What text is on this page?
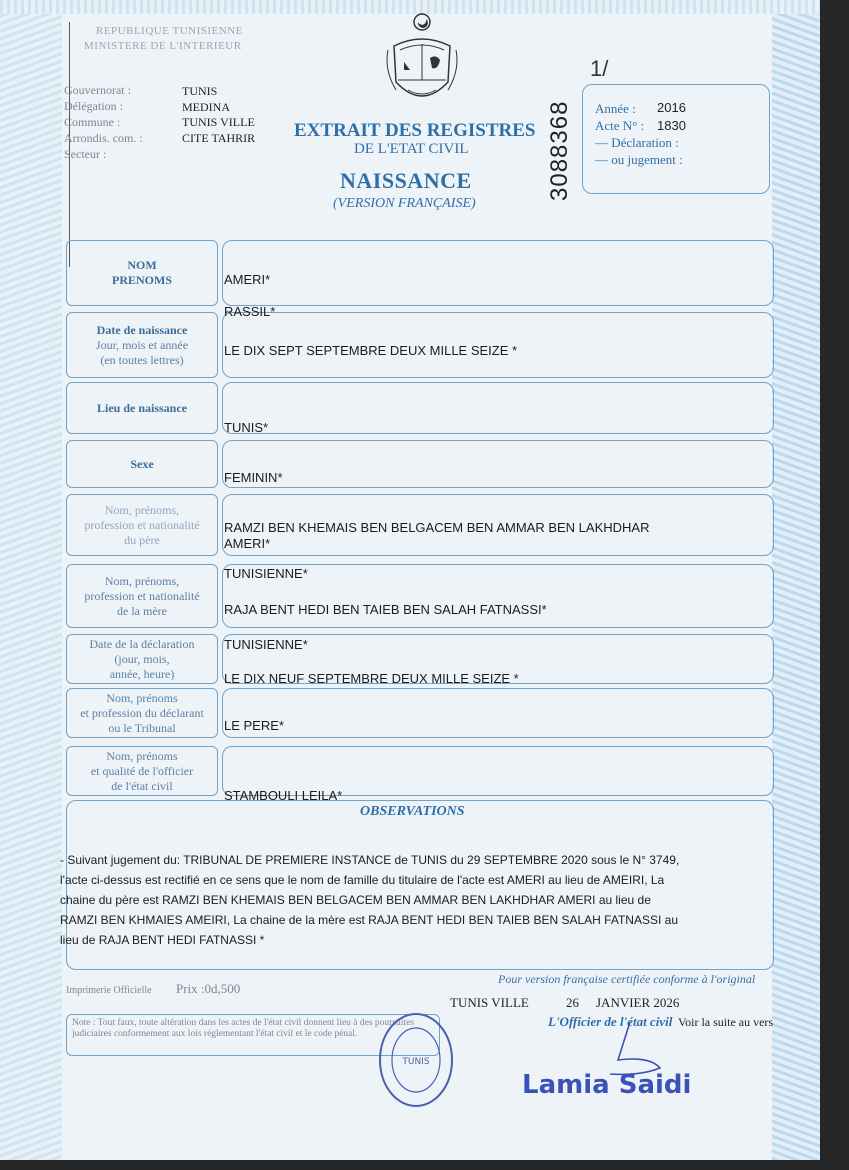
REPUBLIQUE TUNISIENNE
MINISTERE DE L'INTERIEUR
1/
Gouvernorat :
Délégation :
Commune :
Arrondis. com. :
Secteur :
TUNIS
MEDINA
TUNIS VILLE
CITE TAHRIR EXTRAIT DES REGISTRES
DE L'ETAT CIVIL
NAISSANCE
(VERSION FRANÇAISE)
3088368 Année :
Acte N° :
— Déclaration :
— ou jugement :
2016
1830
NOM
PRENOMS
Date de naissance
Jour, mois et année
(en toutes lettres)
Lieu de naissance
Sexe
Nom, prénoms,
profession et nationalité
du père
Nom, prénoms,
profession et nationalité
de la mère
Date de la déclaration
(jour, mois,
année, heure)
Nom, prénoms
et profession du déclarant
ou le Tribunal
Nom, prénoms
et qualité de l'officier
de l'état civil
AMERI*
RASSIL*
LE DIX SEPT SEPTEMBRE DEUX MILLE SEIZE *
TUNIS*
FEMININ*
RAMZI BEN KHEMAIS BEN BELGACEM BEN AMMAR BEN LAKHDHAR
AMERI*
TUNISIENNE*
RAJA BENT HEDI BEN TAIEB BEN SALAH FATNASSI*
TUNISIENNE*
LE DIX NEUF SEPTEMBRE DEUX MILLE SEIZE *
LE PERE*
STAMBOULI LEILA*
OBSERVATIONS
- Suivant jugement du: TRIBUNAL DE PREMIERE INSTANCE de TUNIS du 29 SEPTEMBRE 2020 sous le N° 3749,
l'acte ci-dessus est rectifié en ce sens que le nom de famille du titulaire de l'acte est AMERI au lieu de AMEIRI, La
chaine du père est RAMZI BEN KHEMAIS BEN BELGACEM BEN AMMAR BEN LAKHDHAR AMERI au lieu de
RAMZI BEN KHMAIES AMEIRI, La chaine de la mère est RAJA BENT HEDI BEN TAIEB BEN SALAH FATNASSI au
lieu de RAJA BENT HEDI FATNASSI *
Imprimerie Officielle Prix :0d,500
Pour version française certifiée conforme à l'original
TUNIS VILLE	26 JANVIER 2026
L'Officier de l'état civil Voir la suite au vers
Note : Tout faux, toute altération dans les actes de l'état civil donnent lieu à des poursuites judiciaires conformement aux lois réglementant l'état civil et le code pénal.
TUNIS
Lamia Saidi
